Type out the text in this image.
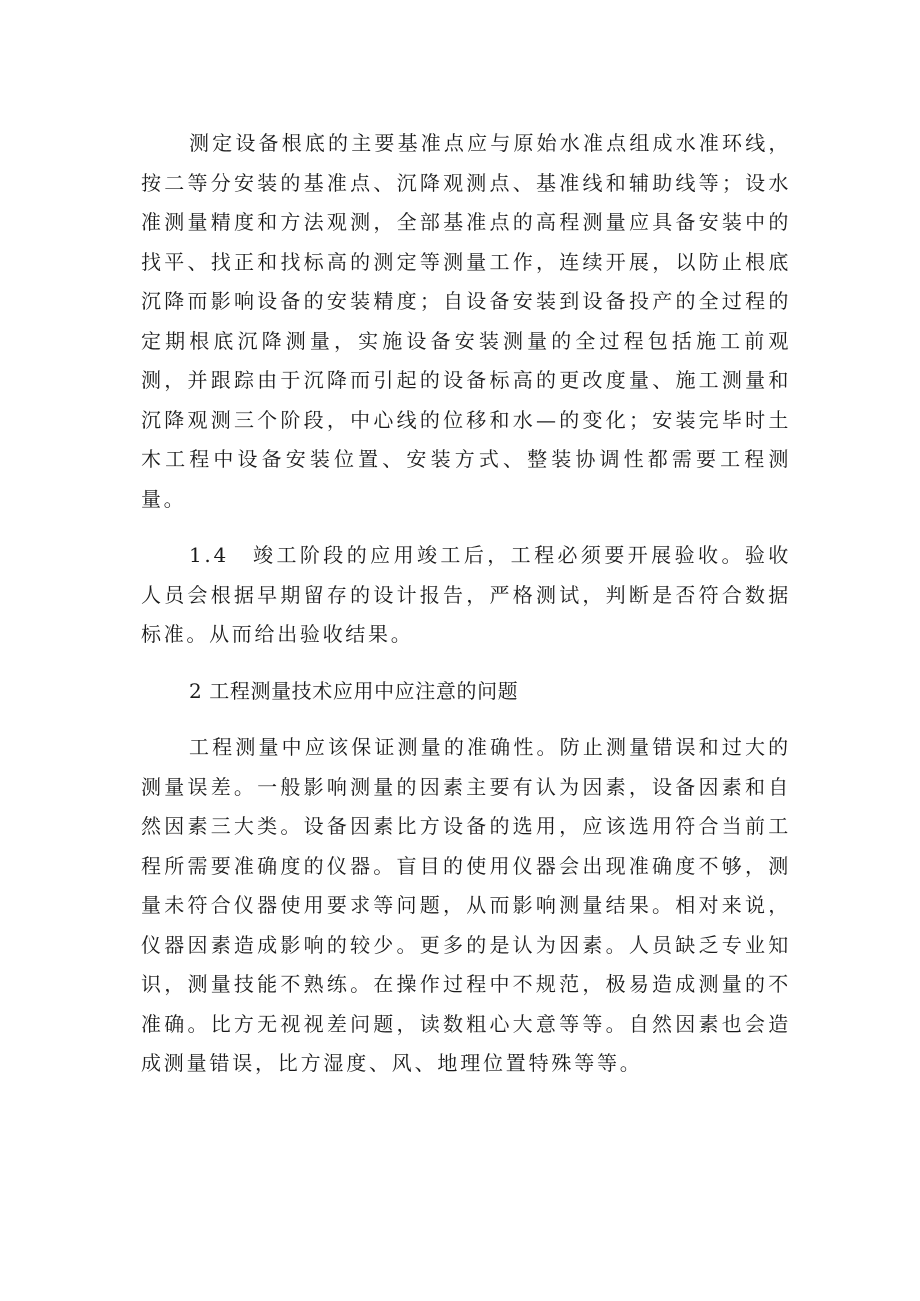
测定设备根底的主要基准点应与原始水准点组成水准环线，按二等分安装的基准点、沉降观测点、基准线和辅助线等；设水准测量精度和方法观测，全部基准点的高程测量应具备安装中的找平、找正和找标高的测定等测量工作，连续开展，以防止根底沉降而影响设备的安装精度；自设备安装到设备投产的全过程的定期根底沉降测量，实施设备安装测量的全过程包括施工前观测，并跟踪由于沉降而引起的设备标高的更改度量、施工测量和沉降观测三个阶段，中心线的位移和水—的变化；安装完毕时土木工程中设备安装位置、安装方式、整装协调性都需要工程测量。

1.4　竣工阶段的应用竣工后，工程必须要开展验收。验收人员会根据早期留存的设计报告，严格测试，判断是否符合数据标准。从而给出验收结果。

2 工程测量技术应用中应注意的问题

工程测量中应该保证测量的准确性。防止测量错误和过大的测量误差。一般影响测量的因素主要有认为因素，设备因素和自然因素三大类。设备因素比方设备的选用，应该选用符合当前工程所需要准确度的仪器。盲目的使用仪器会出现准确度不够，测量未符合仪器使用要求等问题，从而影响测量结果。相对来说，仪器因素造成影响的较少。更多的是认为因素。人员缺乏专业知识，测量技能不熟练。在操作过程中不规范，极易造成测量的不准确。比方无视视差问题，读数粗心大意等等。自然因素也会造成测量错误，比方湿度、风、地理位置特殊等等。
